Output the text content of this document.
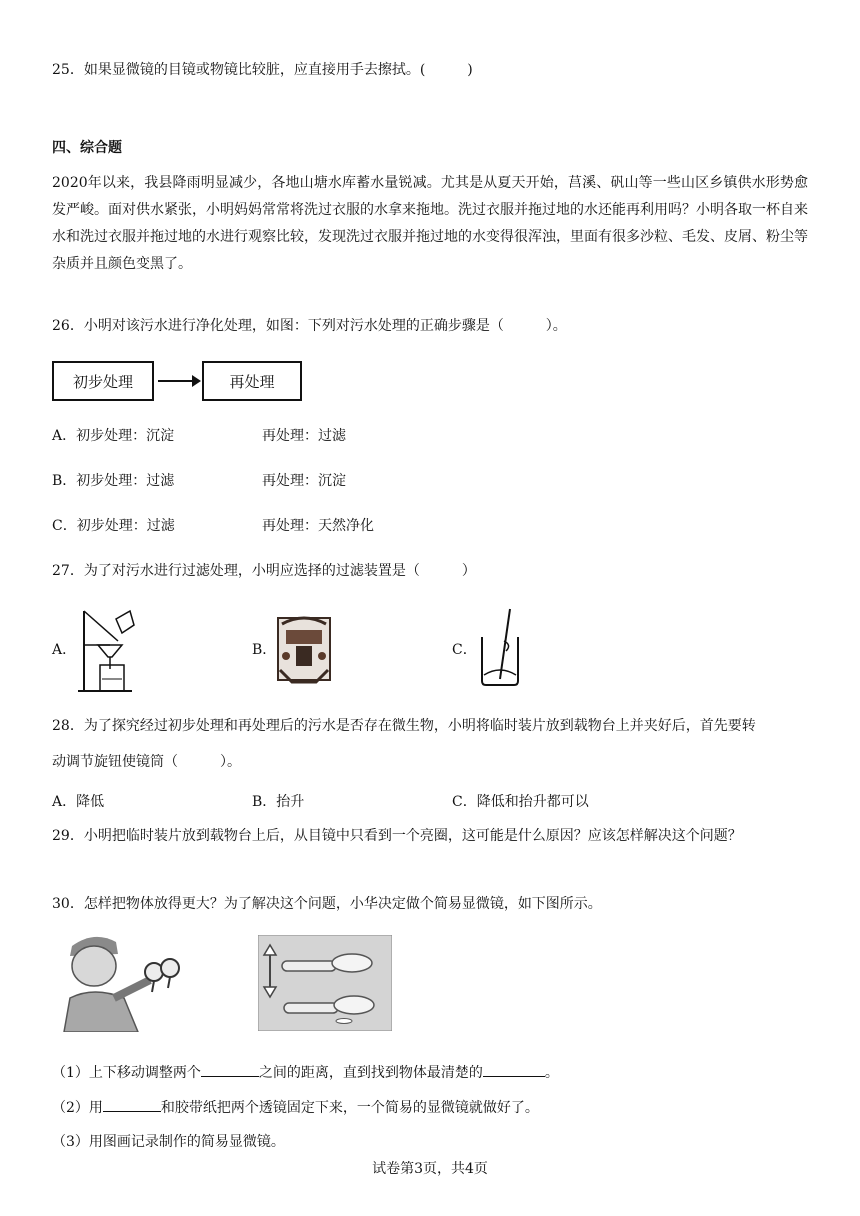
25．如果显微镜的目镜或物镜比较脏，应直接用手去擦拭。(　　　)
四、综合题
2020年以来，我县降雨明显减少，各地山塘水库蓄水量锐减。尤其是从夏天开始，莒溪、矾山等一些山区乡镇供水形势愈发严峻。面对供水紧张，小明妈妈常常将洗过衣服的水拿来拖地。洗过衣服并拖过地的水还能再利用吗？小明各取一杯自来水和洗过衣服并拖过地的水进行观察比较，发现洗过衣服并拖过地的水变得很浑浊，里面有很多沙粒、毛发、皮屑、粉尘等杂质并且颜色变黑了。
26．小明对该污水进行净化处理，如图：下列对污水处理的正确步骤是（　　　）。
初步处理	再处理
A．初步处理：沉淀	再处理：过滤
B．初步处理：过滤	再处理：沉淀
C．初步处理：过滤	再处理：天然净化
27．为了对污水进行过滤处理，小明应选择的过滤装置是（　　　）
A．	B．	C．
28．为了探究经过初步处理和再处理后的污水是否存在微生物，小明将临时装片放到载物台上并夹好后，首先要转
动调节旋钮使镜筒（　　　）。
A．降低	B．抬升	C．降低和抬升都可以
29．小明把临时装片放到载物台上后，从目镜中只看到一个亮圈，这可能是什么原因？应该怎样解决这个问题？
30．怎样把物体放得更大？为了解决这个问题，小华决定做个简易显微镜，如下图所示。
（1）上下移动调整两个	之间的距离，直到找到物体最清楚的	。
（2）用	和胶带纸把两个透镜固定下来，一个简易的显微镜就做好了。
（3）用图画记录制作的简易显微镜。
试卷第3页，共4页
